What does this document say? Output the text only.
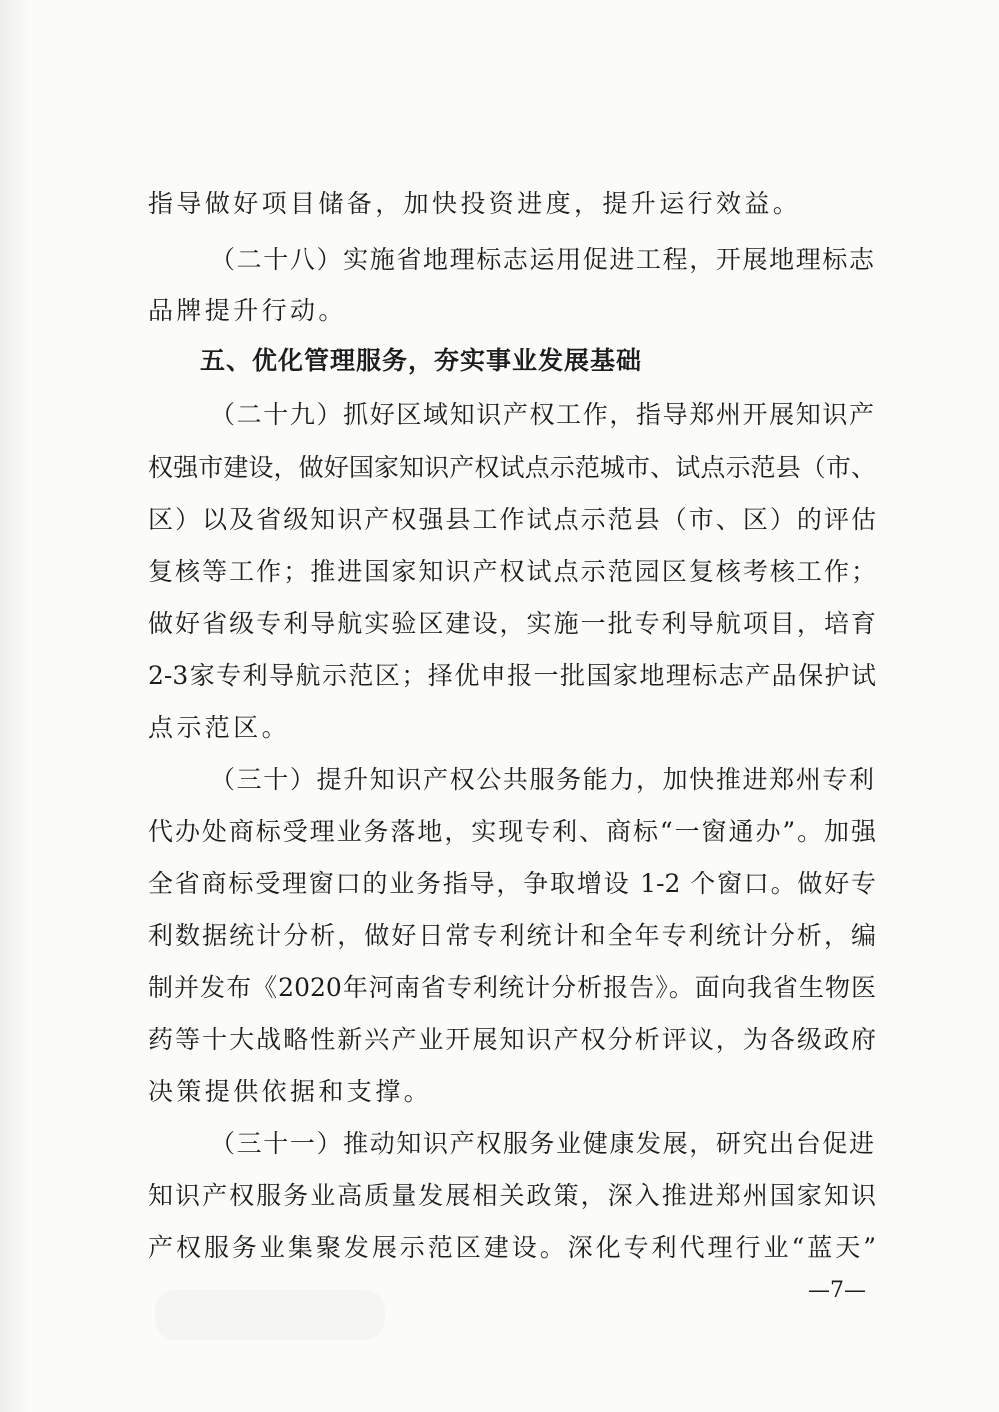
指导做好项目储备，加快投资进度，提升运行效益。
（二十八）实施省地理标志运用促进工程，开展地理标志
品牌提升行动。
五、优化管理服务，夯实事业发展基础
（二十九）抓好区域知识产权工作，指导郑州开展知识产
权强市建设，做好国家知识产权试点示范城市、试点示范县（市、
区）以及省级知识产权强县工作试点示范县（市、区）的评估
复核等工作；推进国家知识产权试点示范园区复核考核工作；
做好省级专利导航实验区建设，实施一批专利导航项目，培育
2-3家专利导航示范区；择优申报一批国家地理标志产品保护试
点示范区。
（三十）提升知识产权公共服务能力，加快推进郑州专利
代办处商标受理业务落地，实现专利、商标“一窗通办”。加强
全省商标受理窗口的业务指导，争取增设 1-2 个窗口。做好专
利数据统计分析，做好日常专利统计和全年专利统计分析，编
制并发布《2020年河南省专利统计分析报告》。面向我省生物医
药等十大战略性新兴产业开展知识产权分析评议，为各级政府
决策提供依据和支撑。
（三十一）推动知识产权服务业健康发展，研究出台促进
知识产权服务业高质量发展相关政策，深入推进郑州国家知识
产权服务业集聚发展示范区建设。深化专利代理行业“蓝天”
—7—
